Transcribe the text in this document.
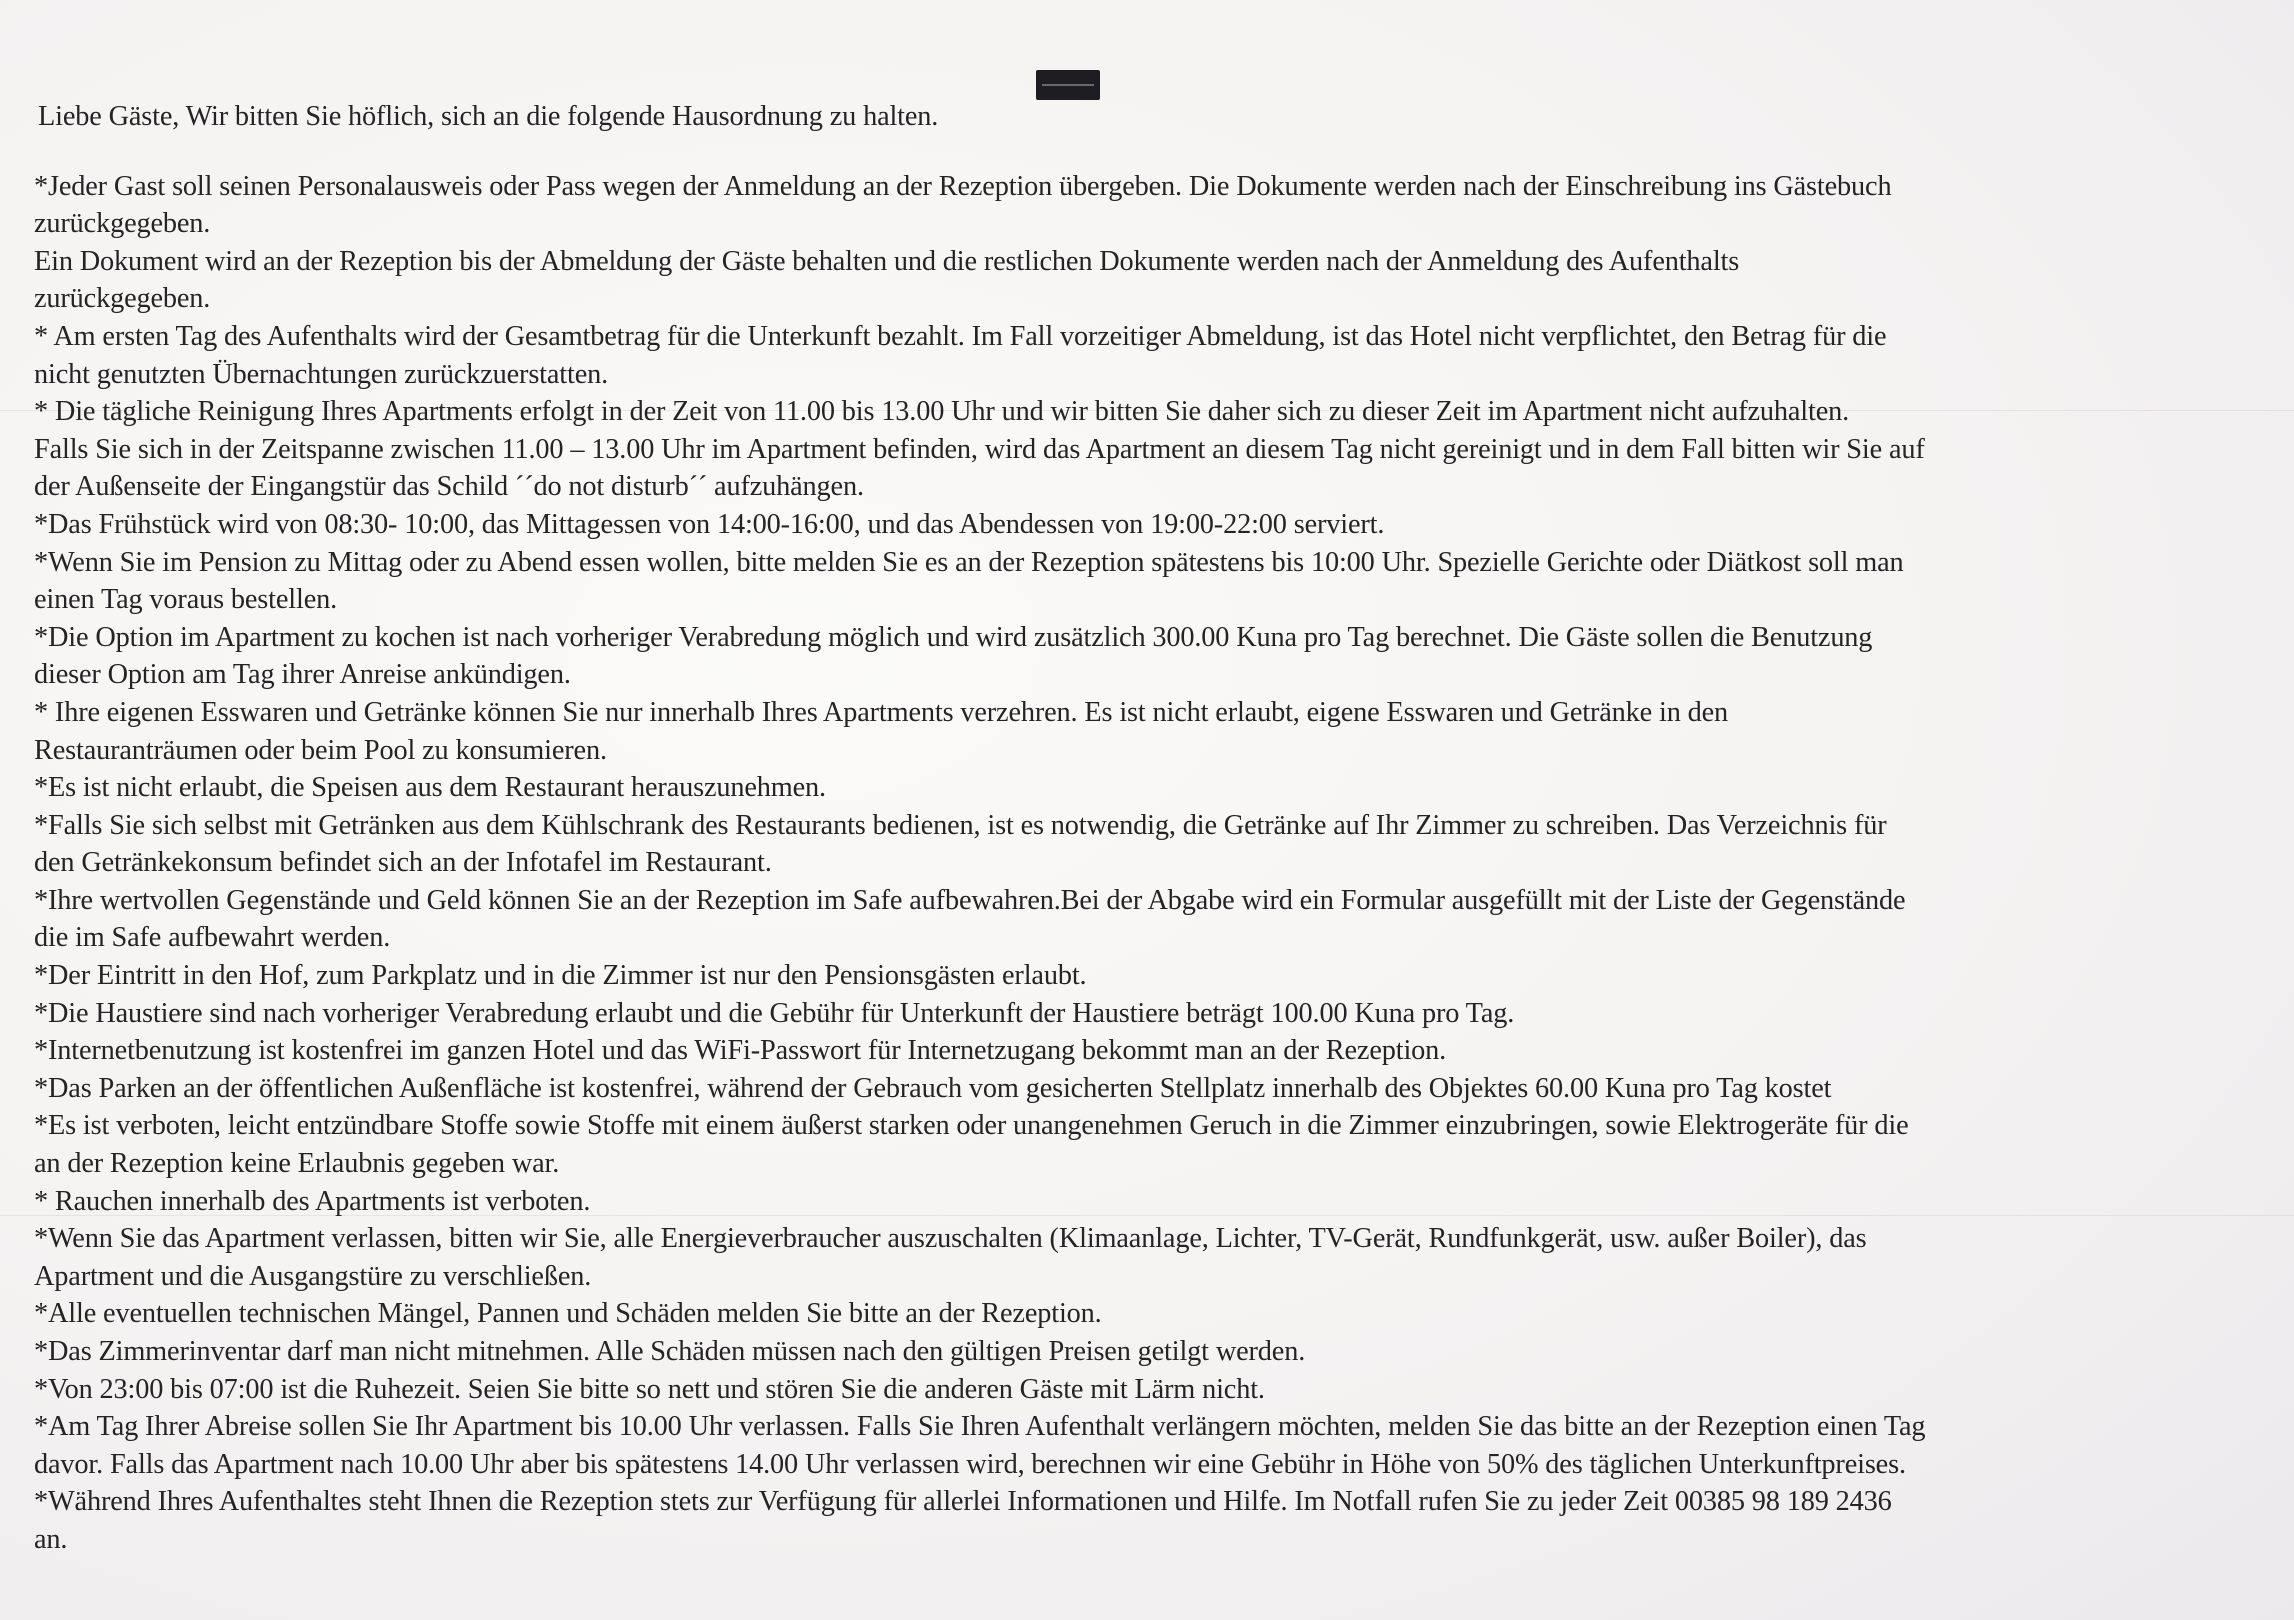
Liebe Gäste, Wir bitten Sie höflich, sich an die folgende Hausordnung zu halten.

*Jeder Gast soll seinen Personalausweis oder Pass wegen der Anmeldung an der Rezeption übergeben. Die Dokumente werden nach der Einschreibung ins Gästebuch
zurückgegeben.
Ein Dokument wird an der Rezeption bis der Abmeldung der Gäste behalten und die restlichen Dokumente werden nach der Anmeldung des Aufenthalts
zurückgegeben.
* Am ersten Tag des Aufenthalts wird der Gesamtbetrag für die Unterkunft bezahlt. Im Fall vorzeitiger Abmeldung, ist das Hotel nicht verpflichtet, den Betrag für die
nicht genutzten Übernachtungen zurückzuerstatten.
* Die tägliche Reinigung Ihres Apartments erfolgt in der Zeit von 11.00 bis 13.00 Uhr und wir bitten Sie daher sich zu dieser Zeit im Apartment nicht aufzuhalten.
Falls Sie sich in der Zeitspanne zwischen 11.00 – 13.00 Uhr im Apartment befinden, wird das Apartment an diesem Tag nicht gereinigt und in dem Fall bitten wir Sie auf
der Außenseite der Eingangstür das Schild ´´do not disturb´´ aufzuhängen.
*Das Frühstück wird von 08:30- 10:00, das Mittagessen von 14:00-16:00, und das Abendessen von 19:00-22:00 serviert.
*Wenn Sie im Pension zu Mittag oder zu Abend essen wollen, bitte melden Sie es an der Rezeption spätestens bis 10:00 Uhr. Spezielle Gerichte oder Diätkost soll man
einen Tag voraus bestellen.
*Die Option im Apartment zu kochen ist nach vorheriger Verabredung möglich und wird zusätzlich 300.00 Kuna pro Tag berechnet. Die Gäste sollen die Benutzung
dieser Option am Tag ihrer Anreise ankündigen.
* Ihre eigenen Esswaren und Getränke können Sie nur innerhalb Ihres Apartments verzehren. Es ist nicht erlaubt, eigene Esswaren und Getränke in den
Restauranträumen oder beim Pool zu konsumieren.
*Es ist nicht erlaubt, die Speisen aus dem Restaurant herauszunehmen.
*Falls Sie sich selbst mit Getränken aus dem Kühlschrank des Restaurants bedienen, ist es notwendig, die Getränke auf Ihr Zimmer zu schreiben. Das Verzeichnis für
den Getränkekonsum befindet sich an der Infotafel im Restaurant.
*Ihre wertvollen Gegenstände und Geld können Sie an der Rezeption im Safe aufbewahren.Bei der Abgabe wird ein Formular ausgefüllt mit der Liste der Gegenstände
die im Safe aufbewahrt werden.
*Der Eintritt in den Hof, zum Parkplatz und in die Zimmer ist nur den Pensionsgästen erlaubt.
*Die Haustiere sind nach vorheriger Verabredung erlaubt und die Gebühr für Unterkunft der Haustiere beträgt 100.00 Kuna pro Tag.
*Internetbenutzung ist kostenfrei im ganzen Hotel und das WiFi-Passwort für Internetzugang bekommt man an der Rezeption.
*Das Parken an der öffentlichen Außenfläche ist kostenfrei, während der Gebrauch vom gesicherten Stellplatz innerhalb des Objektes 60.00 Kuna pro Tag kostet
*Es ist verboten, leicht entzündbare Stoffe sowie Stoffe mit einem äußerst starken oder unangenehmen Geruch in die Zimmer einzubringen, sowie Elektrogeräte für die
an der Rezeption keine Erlaubnis gegeben war.
* Rauchen innerhalb des Apartments ist verboten.
*Wenn Sie das Apartment verlassen, bitten wir Sie, alle Energieverbraucher auszuschalten (Klimaanlage, Lichter, TV-Gerät, Rundfunkgerät, usw. außer Boiler), das
Apartment und die Ausgangstüre zu verschließen.
*Alle eventuellen technischen Mängel, Pannen und Schäden melden Sie bitte an der Rezeption.
*Das Zimmerinventar darf man nicht mitnehmen. Alle Schäden müssen nach den gültigen Preisen getilgt werden.
*Von 23:00 bis 07:00 ist die Ruhezeit. Seien Sie bitte so nett und stören Sie die anderen Gäste mit Lärm nicht.
*Am Tag Ihrer Abreise sollen Sie Ihr Apartment bis 10.00 Uhr verlassen. Falls Sie Ihren Aufenthalt verlängern möchten, melden Sie das bitte an der Rezeption einen Tag
davor. Falls das Apartment nach 10.00 Uhr aber bis spätestens 14.00 Uhr verlassen wird, berechnen wir eine Gebühr in Höhe von 50% des täglichen Unterkunftpreises.
*Während Ihres Aufenthaltes steht Ihnen die Rezeption stets zur Verfügung für allerlei Informationen und Hilfe. Im Notfall rufen Sie zu jeder Zeit 00385 98 189 2436
an.
